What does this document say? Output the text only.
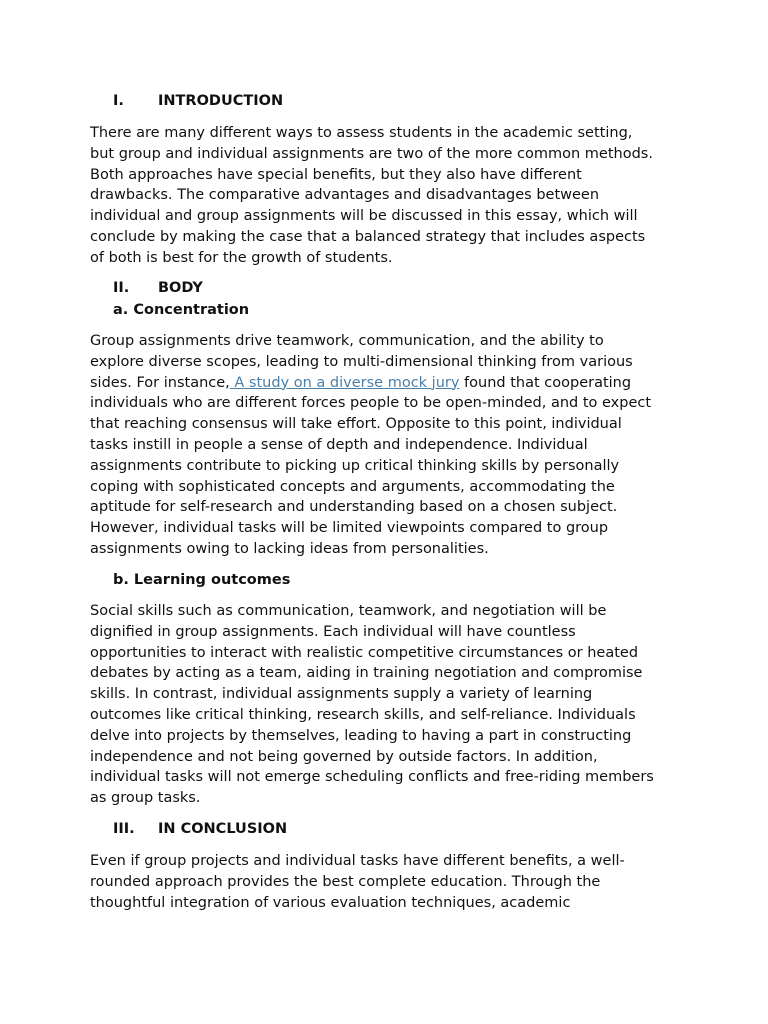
I. INTRODUCTION
There are many different ways to assess students in the academic setting,
but group and individual assignments are two of the more common methods.
Both approaches have special benefits, but they also have different
drawbacks. The comparative advantages and disadvantages between
individual and group assignments will be discussed in this essay, which will
conclude by making the case that a balanced strategy that includes aspects
of both is best for the growth of students.
II. BODY
a. Concentration
Group assignments drive teamwork, communication, and the ability to
explore diverse scopes, leading to multi-dimensional thinking from various
sides. For instance, A study on a diverse mock jury found that cooperating
individuals who are different forces people to be open-minded, and to expect
that reaching consensus will take effort. Opposite to this point, individual
tasks instill in people a sense of depth and independence. Individual
assignments contribute to picking up critical thinking skills by personally
coping with sophisticated concepts and arguments, accommodating the
aptitude for self-research and understanding based on a chosen subject.
However, individual tasks will be limited viewpoints compared to group
assignments owing to lacking ideas from personalities.
b. Learning outcomes
Social skills such as communication, teamwork, and negotiation will be
dignified in group assignments. Each individual will have countless
opportunities to interact with realistic competitive circumstances or heated
debates by acting as a team, aiding in training negotiation and compromise
skills. In contrast, individual assignments supply a variety of learning
outcomes like critical thinking, research skills, and self-reliance. Individuals
delve into projects by themselves, leading to having a part in constructing
independence and not being governed by outside factors. In addition,
individual tasks will not emerge scheduling conflicts and free-riding members
as group tasks.
III. IN CONCLUSION
Even if group projects and individual tasks have different benefits, a well-
rounded approach provides the best complete education. Through the
thoughtful integration of various evaluation techniques, academic
